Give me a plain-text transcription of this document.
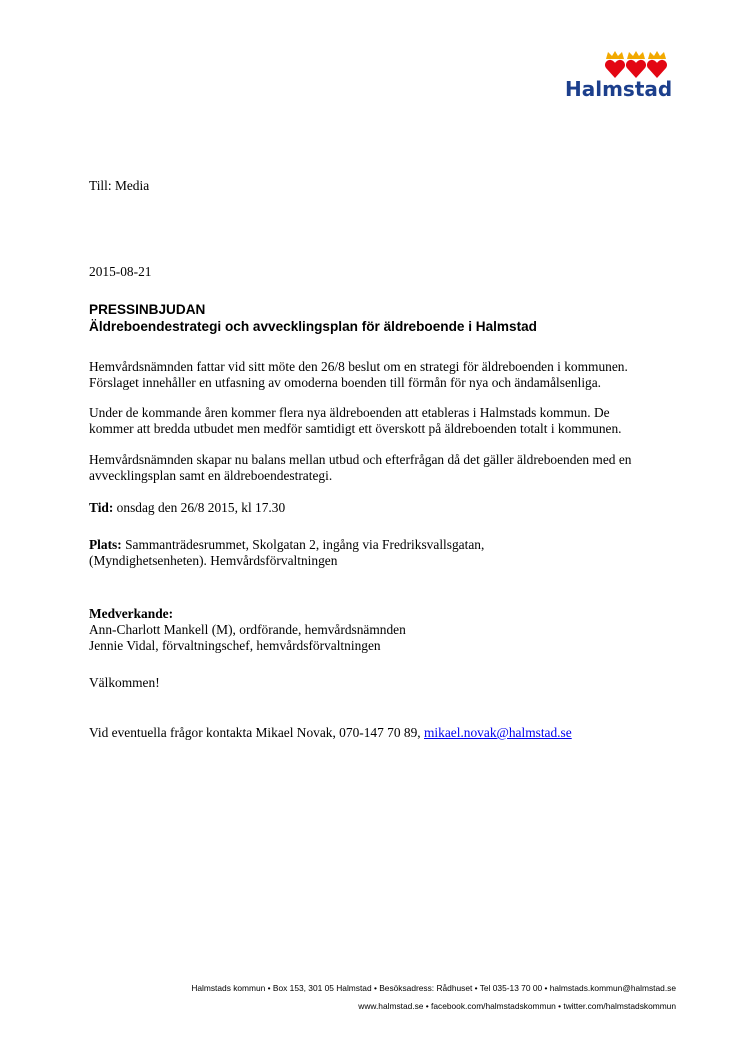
Halmstad

Till: Media

2015-08-21

PRESSINBJUDAN

Äldreboendestrategi och avvecklingsplan för äldreboende i Halmstad

Hemvårdsnämnden fattar vid sitt möte den 26/8 beslut om en strategi för äldreboenden i kommunen.

Förslaget innehåller en utfasning av omoderna boenden till förmån för nya och ändamålsenliga.

Under de kommande åren kommer flera nya äldreboenden att etableras i Halmstads kommun. De

kommer att bredda utbudet men medför samtidigt ett överskott på äldreboenden totalt i kommunen.

Hemvårdsnämnden skapar nu balans mellan utbud och efterfrågan då det gäller äldreboenden med en

avvecklingsplan samt en äldreboendestrategi.

Tid: onsdag den 26/8 2015, kl 17.30

Plats: Sammanträdesrummet, Skolgatan 2, ingång via Fredriksvallsgatan,

(Myndighetsenheten). Hemvårdsförvaltningen

Medverkande:

Ann-Charlott Mankell (M), ordförande, hemvårdsnämnden

Jennie Vidal, förvaltningschef, hemvårdsförvaltningen

Välkommen!

Vid eventuella frågor kontakta Mikael Novak, 070-147 70 89, mikael.novak@halmstad.se

Halmstads kommun • Box 153, 301 05 Halmstad • Besöksadress: Rådhuset • Tel 035-13 70 00 • halmstads.kommun@halmstad.se
www.halmstad.se • facebook.com/halmstadskommun • twitter.com/halmstadskommun
